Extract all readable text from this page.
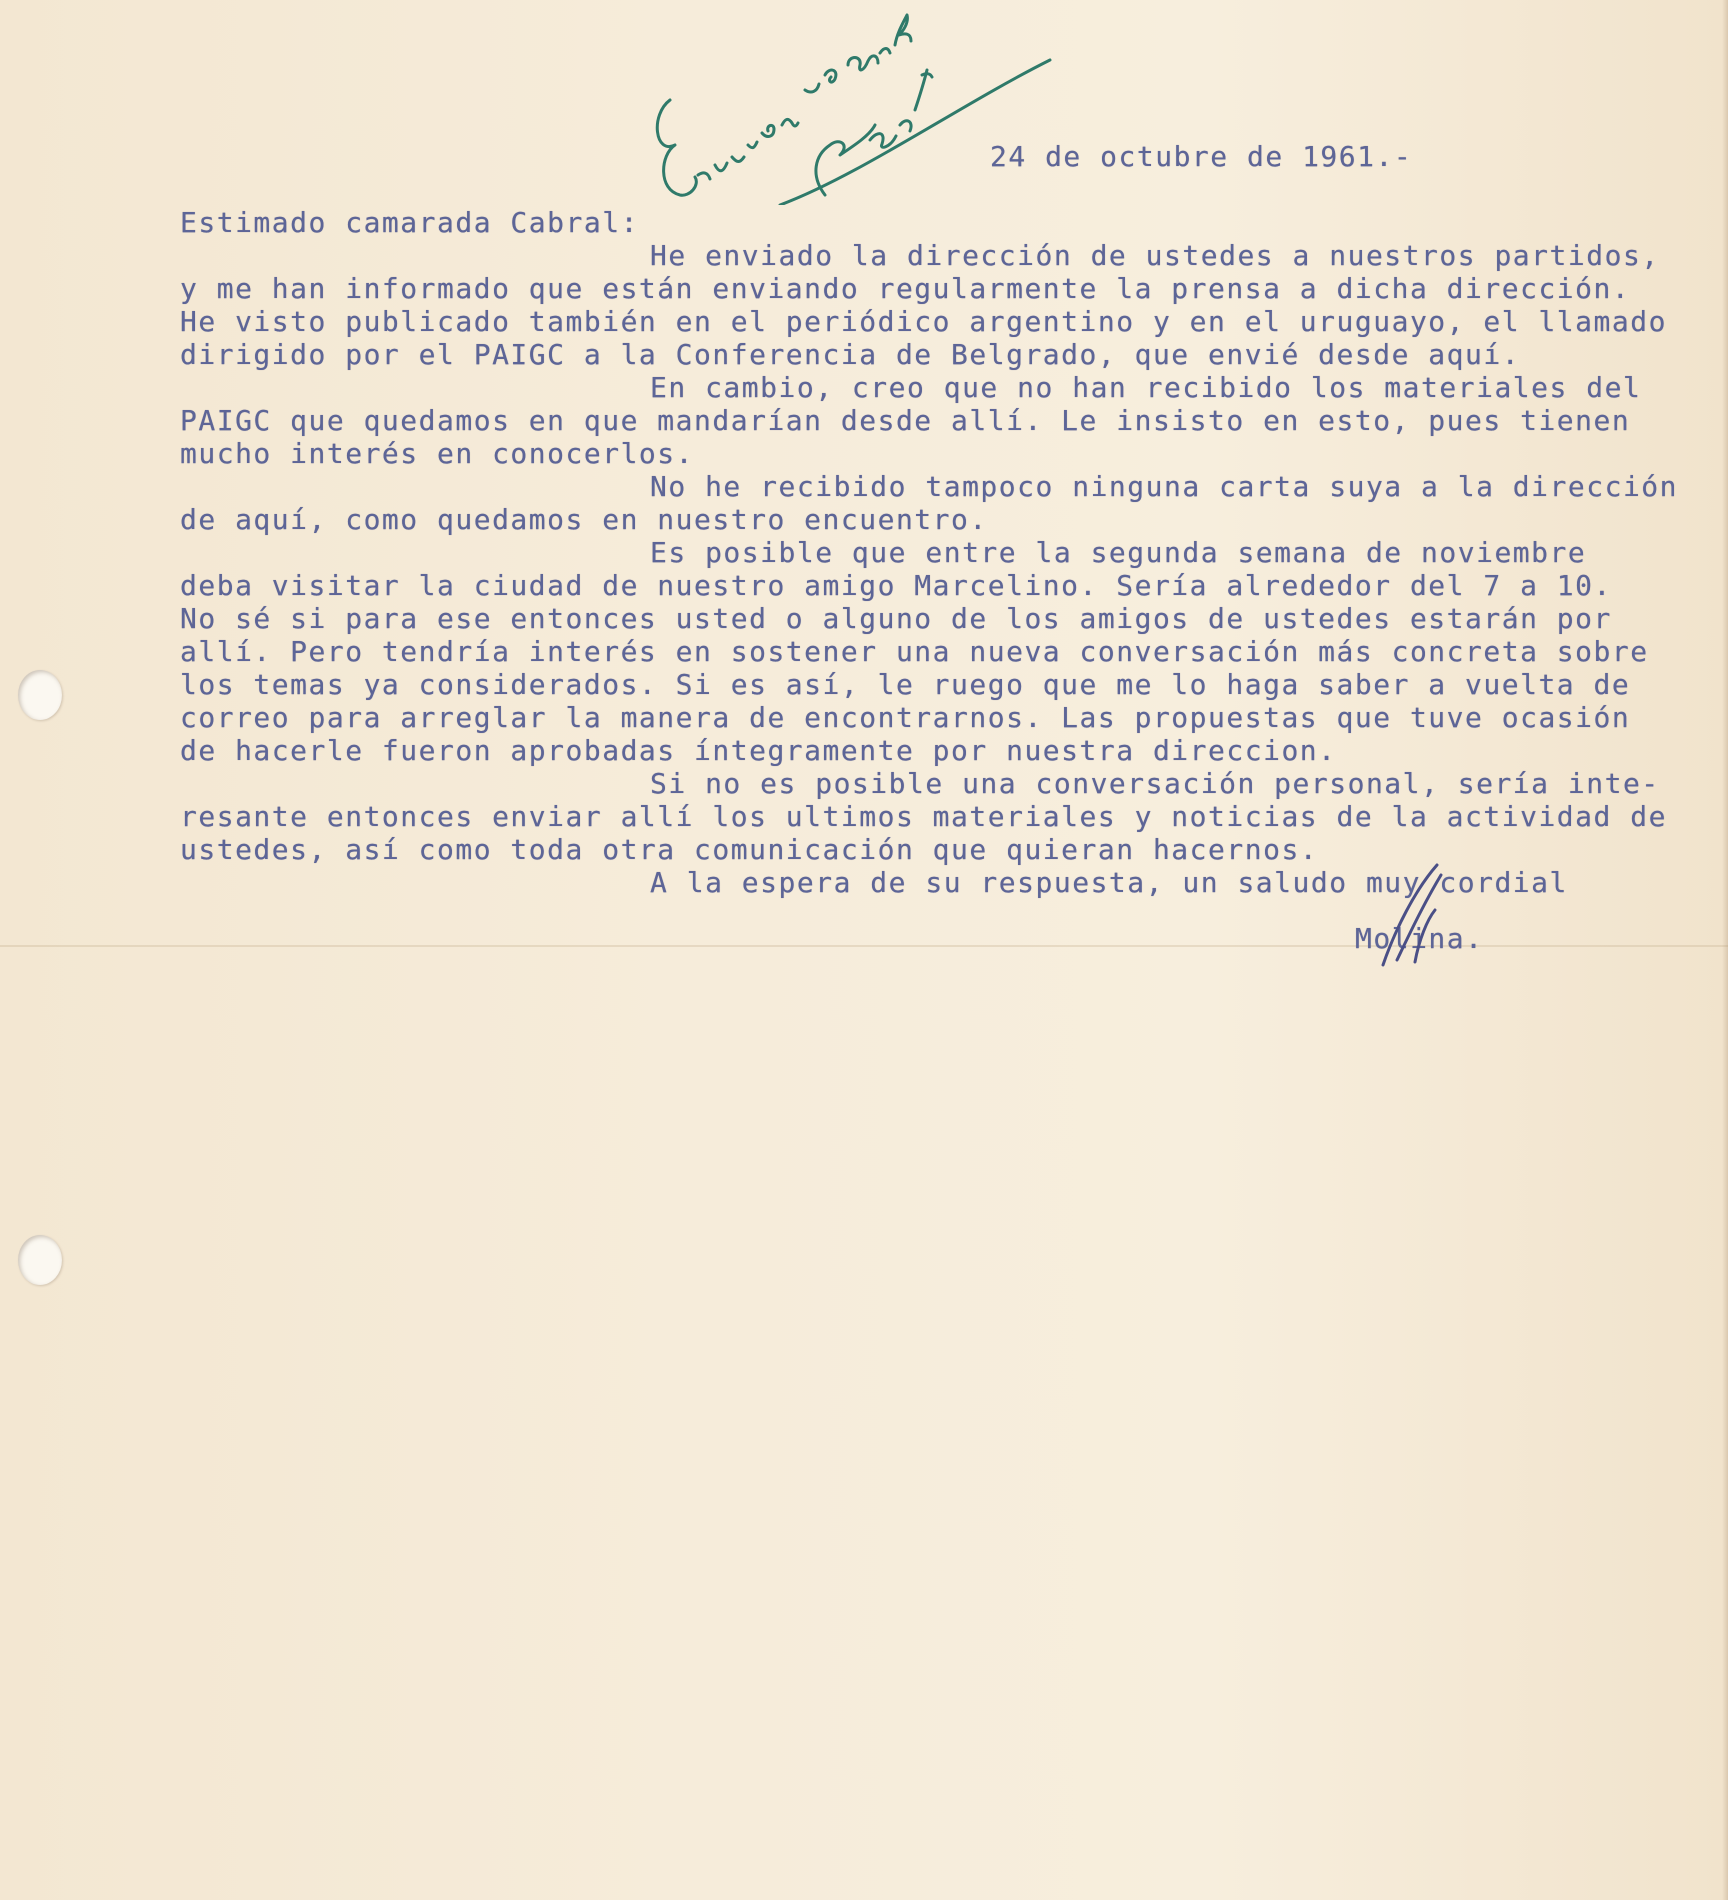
24 de octubre de 1961.-
Estimado camarada Cabral:
He enviado la dirección de ustedes a nuestros partidos,
y me han informado que están enviando regularmente la prensa a dicha dirección.
He visto publicado también en el periódico argentino y en el uruguayo, el llamado
dirigido por el PAIGC a la Conferencia de Belgrado, que envié desde aquí.
En cambio, creo que no han recibido los materiales del
PAIGC que quedamos en que mandarían desde allí. Le insisto en esto, pues tienen
mucho interés en conocerlos.
No he recibido tampoco ninguna carta suya a la dirección
de aquí, como quedamos en nuestro encuentro.
Es posible que entre la segunda semana de noviembre
deba visitar la ciudad de nuestro amigo Marcelino. Sería alrededor del 7 a 10.
No sé si para ese entonces usted o alguno de los amigos de ustedes estarán por
allí. Pero tendría interés en sostener una nueva conversación más concreta sobre
los temas ya considerados. Si es así, le ruego que me lo haga saber a vuelta de
correo para arreglar la manera de encontrarnos. Las propuestas que tuve ocasión
de hacerle fueron aprobadas íntegramente por nuestra direccion.
Si no es posible una conversación personal, sería inte-
resante entonces enviar allí los ultimos materiales y noticias de la actividad de
ustedes, así como toda otra comunicación que quieran hacernos.
A la espera de su respuesta, un saludo muy cordial
Molina.
